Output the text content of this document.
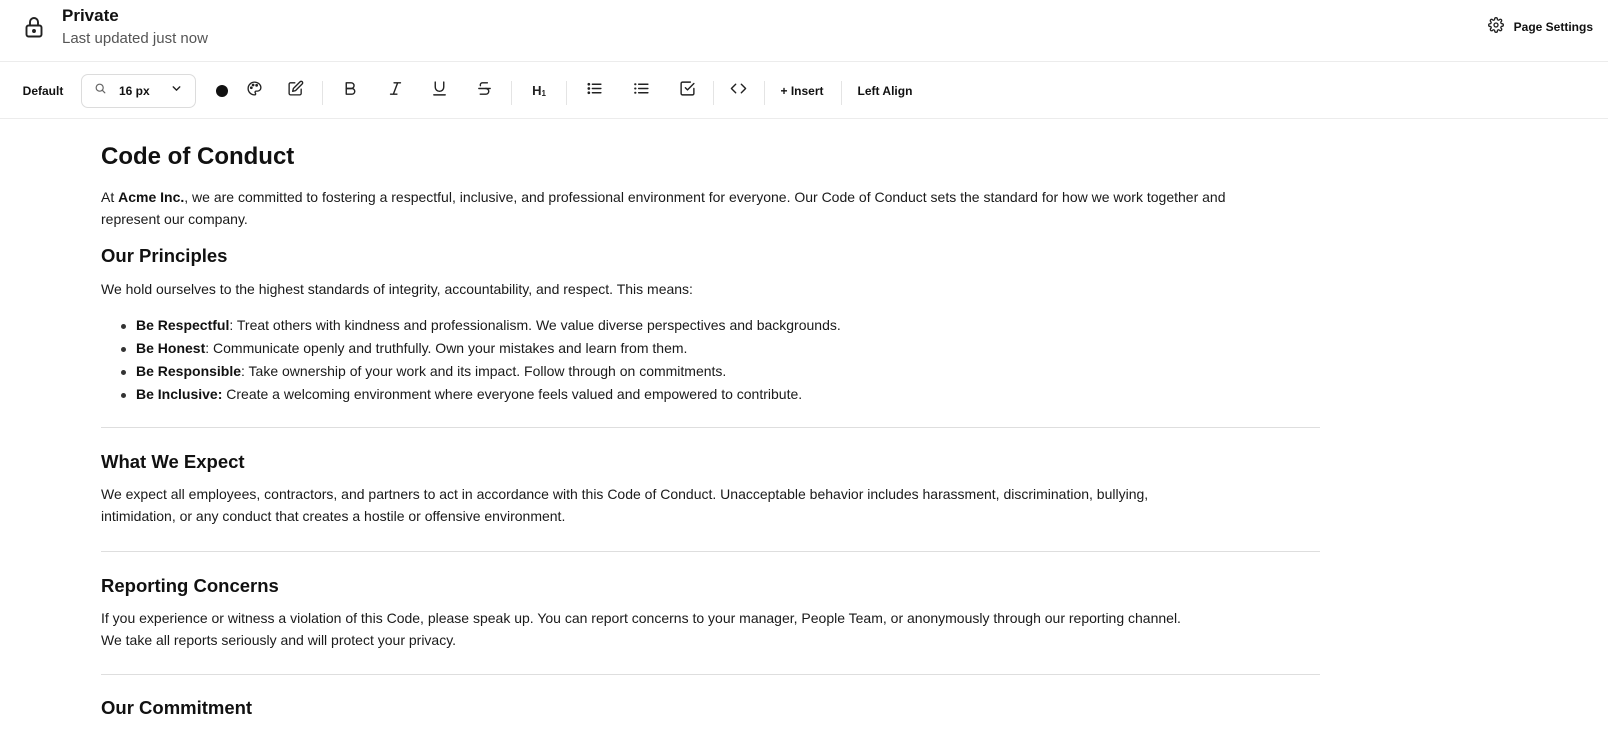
Private
Last updated just now
Page Settings
Default	16 px	$H_1$	+ Insert	Left Align
Code of Conduct

At Acme Inc., we are committed to fostering a respectful, inclusive, and professional environment for everyone. Our Code of Conduct sets the standard for how we work together and represent our company.

Our Principles

We hold ourselves to the highest standards of integrity, accountability, and respect. This means:

Be Respectful: Treat others with kindness and professionalism. We value diverse perspectives and backgrounds.
Be Honest: Communicate openly and truthfully. Own your mistakes and learn from them.
Be Responsible: Take ownership of your work and its impact. Follow through on commitments.
Be Inclusive: Create a welcoming environment where everyone feels valued and empowered to contribute.
What We Expect

We expect all employees, contractors, and partners to act in accordance with this Code of Conduct. Unacceptable behavior includes harassment, discrimination, bullying, intimidation, or any conduct that creates a hostile or offensive environment.

Reporting Concerns

If you experience or witness a violation of this Code, please speak up. You can report concerns to your manager, People Team, or anonymously through our reporting channel.

We take all reports seriously and will protect your privacy.

Our Commitment
